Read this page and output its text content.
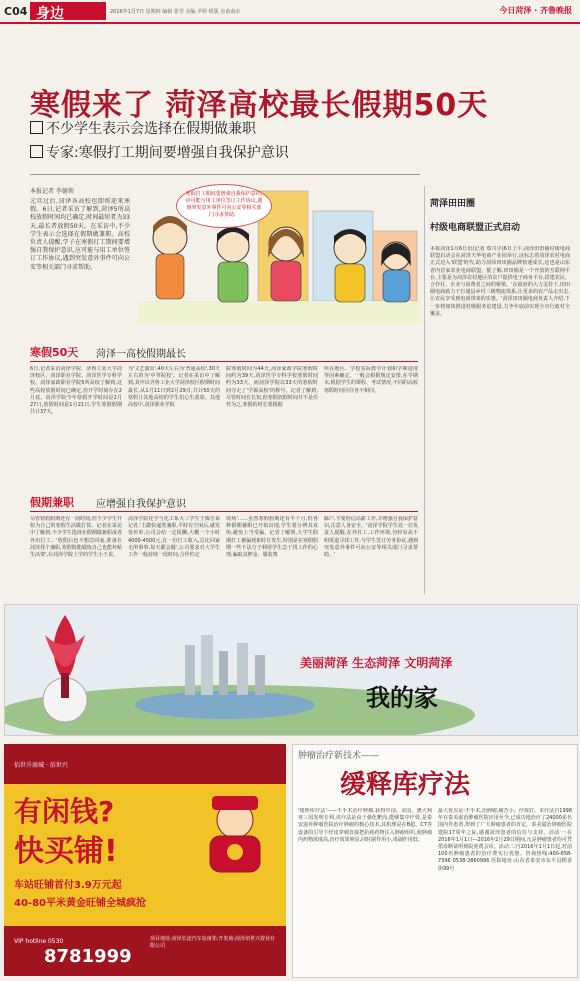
C04 身边	2016年1月7日 星期四 编辑 张莹 美编 尹婷 组版 皇甫南京	今日菏泽 · 齐鲁晚报
寒假来了 菏泽高校最长假期50天
不少学生表示会选择在假期做兼职
专家:寒假打工期间要增强自我保护意识
本报记者 李德领
元旦过后,菏泽各高校也即将迎来寒假。6日,记者采访了解到,菏泽5所高校放假时间均已确定,时间最短者为33天,最长者放假50天。在采访中,不少学生表示会选择在假期做兼职。高校负责人提醒,学子在寒假打工期间要增强自我保护意识,应可能与用工单位签订工作协议,遇到突发意外事件可向公安等相关部门寻求帮助。
寒假打工期间要增强自我保护意识,应可能与用工单位签订工作协议,遇到突发意外事件可向公安等相关部门寻求帮助。
菏泽田田圈
村级电商联盟正式启动
本报菏泽1月6日讯(记者 郑兴宇)6日上午,菏泽田田圈村级电商联盟启动会在菏泽天华电商产业园举行,这标志着菏泽农村电商正式迈入'联盟'时代,助力菏泽田田圈品牌快速成长,这也是山东省内首家农业电商联盟。据了解,田田圈是一个开放的互联网平台,主要是为菏泽农村地区的农户提供电子商务平台,搭建农民、合作社、企业与消费者之间的桥梁。'在政府的大力支持下,田田圈电商致力于打通县乡村三级物流体系,让更多的农产品走出去,让农民享受到电商带来的实惠。'菏泽田田圈电商负责人介绍,下一步将加快推进村级服务站建设,力争年底前实现全市行政村全覆盖。
寒假50天 菏泽一高校假期最长
6日,记者采访菏泽学院、济鲁工业大学菏泽校区、菏泽职业学院、菏泽医学专科学校、菏泽家政职业学院5所高校了解到,这些高校放假时间已确定,但开学时间存在2月底。菏泽学院今年寒假开学时间是2月27日,放假时间是1月21日,学生寒假假期共计37天。
为'文艺演出',40天左右为'普通高校',30天左右的为'中等院校'。记者在采访中了解到,其中以齐鲁工业大学菏泽校区假期时间最长,从1月11日到2月29日,共计50天的寒假让其他高校的学生们心生羡慕。其他高校中,菏泽职业学院
院寒假时间为44天,菏泽家政学院寒假时间约为39天,菏泽医学专科学校寒假时间约为33天。而菏泽学院以33天的寒假时间夺走了'学霸高校'的称号。记者了解到,尽管时间有长短,但寒假放假时间并不是任性为之,寒假的时长要根据
所在地区、学校实际教学计划和学期进度等因素确定。一般会根据规定安排,在学期末,根据学生的课程、考试情况,不同的高校寒假时间往往各不相同。
假期兼职 应增强自我保护意识
尽管寒假假期还有一段时间,但不少学生开始为自己的寒假生活做打算。记者在采访中了解到,不少学生选择在假期做兼职或者外出打工。'放假后也不想急回家,准备在菏泽找个兼职,寒假既能锻炼自己也能补贴生活费',在菏泽学院上学的学生小王说。
菏泽学院化学与化工系大三学生王腾告诉记者,'主做快递类兼职,平时有空闲后,就发发传单,公司会给一定报酬,大概一个小时4000-4500元,有一份打工收入,总比回家无所事事,每天都会做',公司要求对大学生工作一般持续一段时间,合作约定
现场'……虽然寒假假期还有半个月,但各种假期兼职已开始出现,学生要分辨其真伪,避免上当受骗。记者了解到,大学生假期打工被骗现象时有发生,特别是在寒假假期一些不法分子利用学生急于找工作的心理,骗取其押金、服装费
廊户,不要轻信高薪工作,并增强自我保护意识,注意人身安全。'菏泽学院学生处一位负责人提醒,在外打工,工作环境,勿轻易从不明渠道寻找工作,与学生签订劳务协议,遇到突发意外事件可向公安等相关部门寻求帮助。'
美丽菏泽 生态菏泽 文明菏泽
我的家
佰世升商城 · 佰世兴
有闲钱?
快买铺!
车站旺铺首付3.9万元起
40-80平米黄金旺铺全城疯抢
VIP hotline 0530
8781999
项目地址:菏泽长途汽车站南邻;开发商:菏泽佰世兴置业有限公司
肿瘤治疗新技术——
缓释库疗法
'缓释库疗法'——不手术治疗肿瘤,获得中国、美国、澳大利亚三国发明专利,该疗法是由于强化靶向,能够集中疗效,是泰安滋补肿瘤医院治疗肿瘤的核心技术,其机理是在B超、CT等设备的引导下经皮穿刺直接把抗癌药物注入肿瘤组织,使肿瘤内药物浓度高,治疗效果明显,同时副作用小,毒副作用低。
最大优点是:不手术,治肿瘤,痛苦小、疗效好。本疗法自1998年在泰美滋治肿瘤医院应用至今,已成功地治疗了24000多名国内外患者,得到了广大肿瘤患者的肯定。泰美滋治肿瘤医院建院17周年之际,感谢菏泽患者的信任与支持。活动一:在2016年1月1日—2016年2月29日期间,凡是肿瘤患者均可凭借诊断证明到院免费会诊。活动二:自2016年1月1日起,对前100名肿瘤患者的治疗费实行优惠。咨询热线:400-658-7396 0538-2860996 医院地址:山东省泰安市东平县稻香街99号
